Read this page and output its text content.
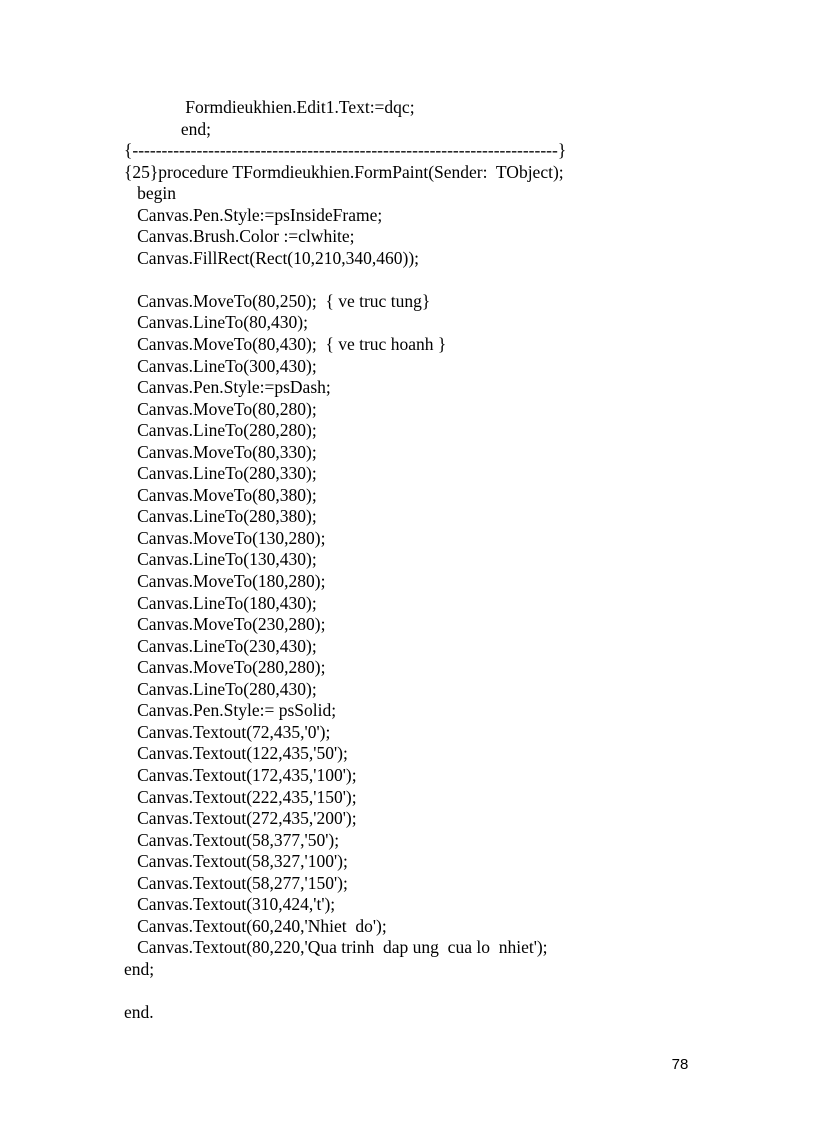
Formdieukhien.Edit1.Text:=dqc;
end;
{-------------------------------------------------------------------------}
{25}procedure TFormdieukhien.FormPaint(Sender:  TObject);
begin
Canvas.Pen.Style:=psInsideFrame;
Canvas.Brush.Color :=clwhite;
Canvas.FillRect(Rect(10,210,340,460));
Canvas.MoveTo(80,250);  { ve truc tung}
Canvas.LineTo(80,430);
Canvas.MoveTo(80,430);  { ve truc hoanh }
Canvas.LineTo(300,430);
Canvas.Pen.Style:=psDash;
Canvas.MoveTo(80,280);
Canvas.LineTo(280,280);
Canvas.MoveTo(80,330);
Canvas.LineTo(280,330);
Canvas.MoveTo(80,380);
Canvas.LineTo(280,380);
Canvas.MoveTo(130,280);
Canvas.LineTo(130,430);
Canvas.MoveTo(180,280);
Canvas.LineTo(180,430);
Canvas.MoveTo(230,280);
Canvas.LineTo(230,430);
Canvas.MoveTo(280,280);
Canvas.LineTo(280,430);
Canvas.Pen.Style:= psSolid;
Canvas.Textout(72,435,'0');
Canvas.Textout(122,435,'50');
Canvas.Textout(172,435,'100');
Canvas.Textout(222,435,'150');
Canvas.Textout(272,435,'200');
Canvas.Textout(58,377,'50');
Canvas.Textout(58,327,'100');
Canvas.Textout(58,277,'150');
Canvas.Textout(310,424,'t');
Canvas.Textout(60,240,'Nhiet  do');
Canvas.Textout(80,220,'Qua trinh  dap ung  cua lo  nhiet');
end;
end.
78
